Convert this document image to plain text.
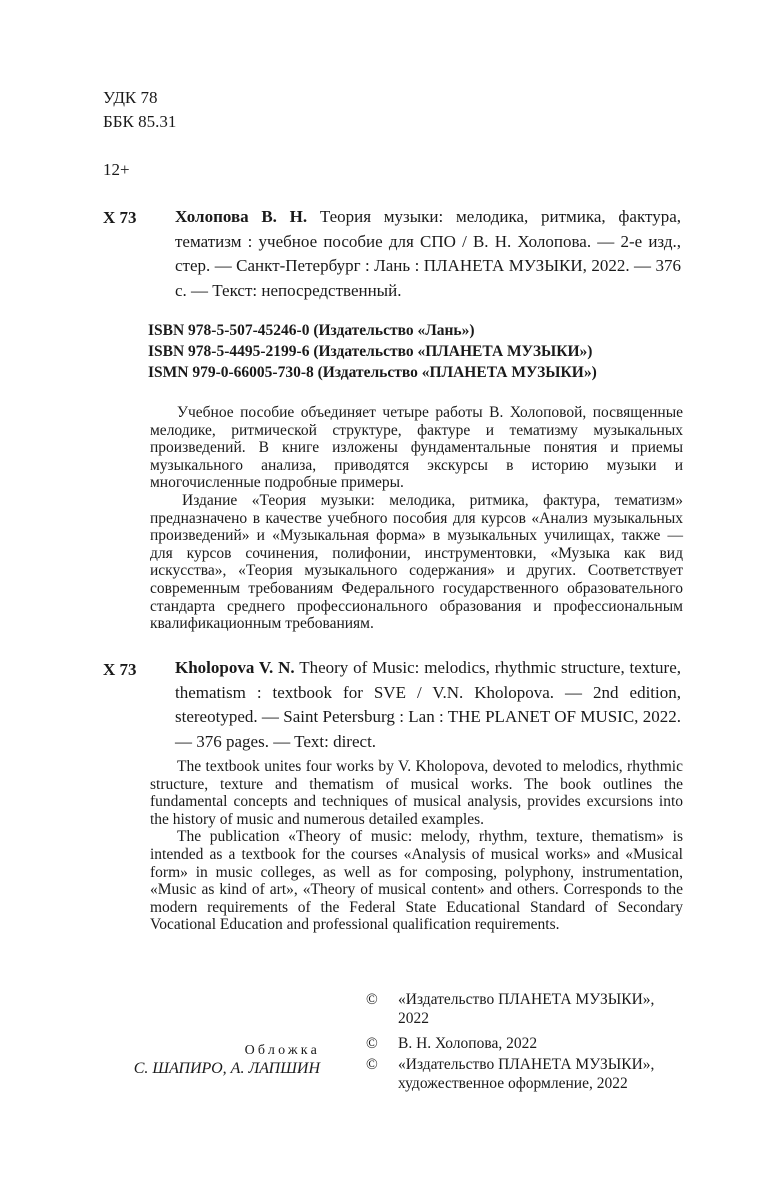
УДК 78
ББК 85.31
12+
Х 73 Холопова В. Н. Теория музыки: мелодика, ритмика, фактура, тематизм : учебное пособие для СПО / В. Н. Холопова. — 2-е изд., стер. — Санкт-Петербург : Лань : ПЛАНЕТА МУЗЫКИ, 2022. — 376 с. — Текст: непосредственный.
ISBN 978-5-507-45246-0 (Издательство «Лань»)
ISBN 978-5-4495-2199-6 (Издательство «ПЛАНЕТА МУЗЫКИ»)
ISMN 979-0-66005-730-8 (Издательство «ПЛАНЕТА МУЗЫКИ»)

Учебное пособие объединяет четыре работы В. Холоповой, посвященные мелодике, ритмической структуре, фактуре и тематизму музыкальных произведений. В книге изложены фундаментальные понятия и приемы музыкального анализа, приводятся экскурсы в историю музыки и многочисленные подробные примеры.

Издание «Теория музыки: мелодика, ритмика, фактура, тематизм» предназначено в качестве учебного пособия для курсов «Анализ музыкальных произведений» и «Музыкальная форма» в музыкальных училищах, также — для курсов сочинения, полифонии, инструментовки, «Музыка как вид искусства», «Теория музыкального содержания» и других. Соответствует современным требованиям Федерального государственного образовательного стандарта среднего профессионального образования и профессиональным квалификационным требованиям.

Х 73 Kholopova V. N. Theory of Music: melodics, rhythmic structure, texture, thematism : textbook for SVE / V.N. Kholopova. — 2nd edition, stereotyped. — Saint Petersburg : Lan : THE PLANET OF MUSIC, 2022. — 376 pages. — Text: direct.

The textbook unites four works by V. Kholopova, devoted to melodics, rhythmic structure, texture and thematism of musical works. The book outlines the fundamental concepts and techniques of musical analysis, provides excursions into the history of music and numerous detailed examples.

The publication «Theory of music: melody, rhythm, texture, thematism» is intended as a textbook for the courses «Analysis of musical works» and «Musical form» in music colleges, as well as for composing, polyphony, instrumentation, «Music as kind of art», «Theory of musical content» and others. Corresponds to the modern requirements of the Federal State Educational Standard of Secondary Vocational Education and professional qualification requirements.

©	«Издательство ПЛАНЕТА МУЗЫКИ», 2022
©	В. Н. Холопова, 2022
©	«Издательство ПЛАНЕТА МУЗЫКИ», художественное оформление, 2022
Обложка
С. ШАПИРО, А. ЛАПШИН
